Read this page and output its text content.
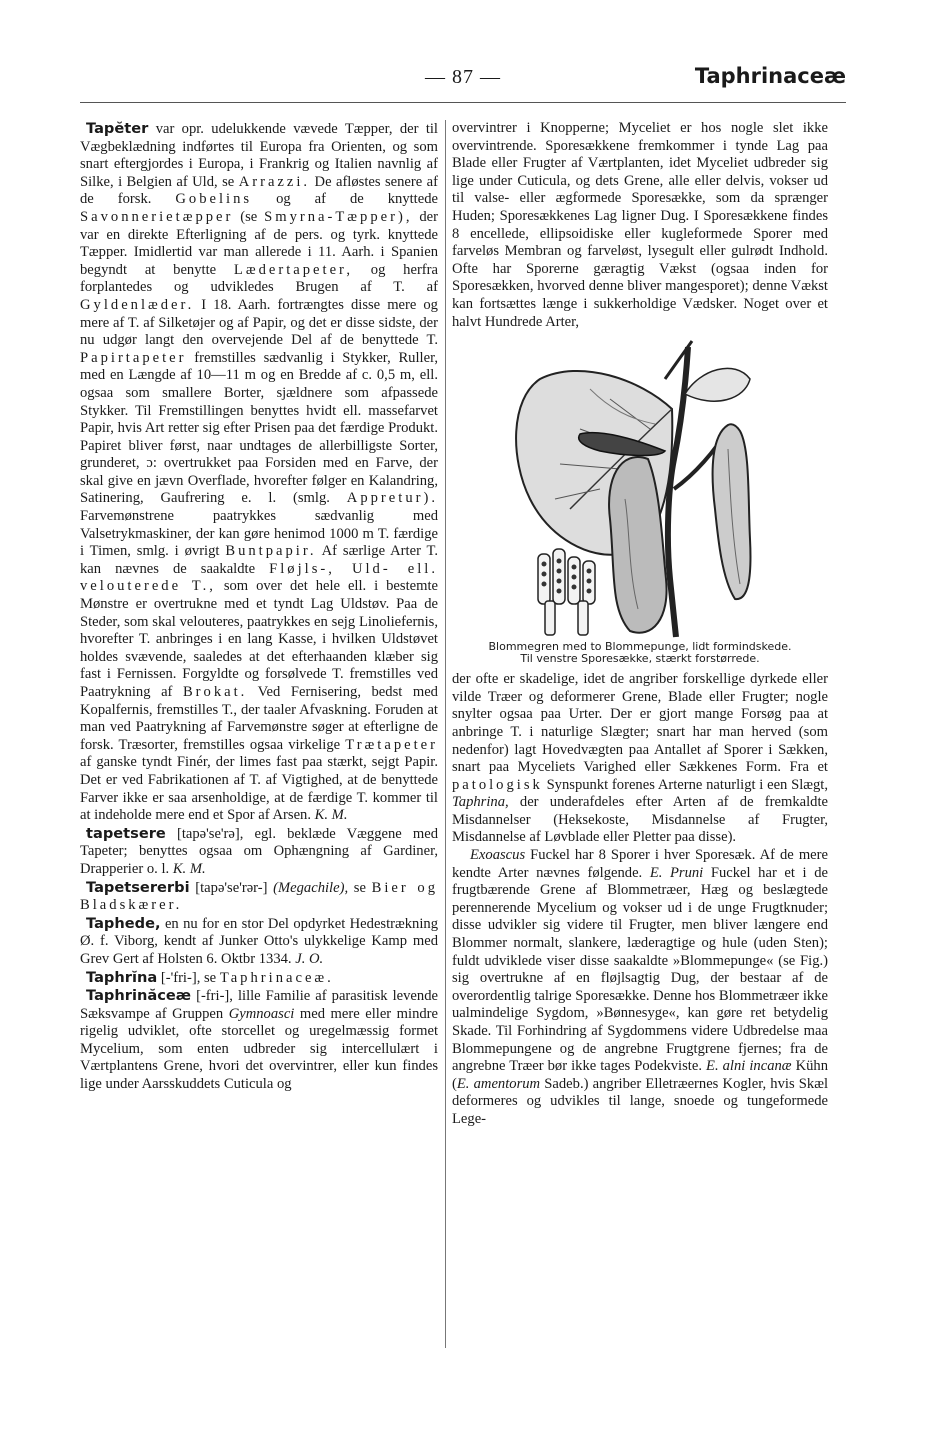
— 87 —	Taphrinaceæ

Tapĕter var opr. udelukkende vævede Tæpper, der til Vægbeklædning indførtes til Europa fra Orienten, og som snart eftergjordes i Europa, i Frankrig og Italien navnlig af Silke, i Belgien af Uld, se Arrazzi. De afløstes senere af de forsk. Gobelins og af de knyttede Savonnerietæpper (se Smyrna-Tæpper), der var en direkte Efterligning af de pers. og tyrk. knyttede Tæpper. Imidlertid var man allerede i 11. Aarh. i Spanien begyndt at benytte Lædertapeter, og herfra forplantedes og udvikledes Brugen af T. af Gyldenlæder. I 18. Aarh. fortrængtes disse mere og mere af T. af Silketøjer og af Papir, og det er disse sidste, der nu udgør langt den overvejende Del af de benyttede T. Papirtapeter fremstilles sædvanlig i Stykker, Ruller, med en Længde af 10—11 m og en Bredde af c. 0,5 m, ell. ogsaa som smallere Borter, sjældnere som afpassede Stykker. Til Fremstillingen benyttes hvidt ell. massefarvet Papir, hvis Art retter sig efter Prisen paa det færdige Produkt. Papiret bliver først, naar undtages de allerbilligste Sorter, grunderet, ɔ: overtrukket paa Forsiden med en Farve, der skal give en jævn Overflade, hvorefter følger en Kalandring, Satinering, Gaufrering e. l. (smlg. Appretur). Farvemønstrene paatrykkes sædvanlig med Valsetrykmaskiner, der kan gøre henimod 1000 m T. færdige i Timen, smlg. i øvrigt Buntpapir. Af særlige Arter T. kan nævnes de saakaldte Fløjls-, Uld- ell. velouterede T., som over det hele ell. i bestemte Mønstre er overtrukne med et tyndt Lag Uldstøv. Paa de Steder, som skal velouteres, paatrykkes en sejg Linoliefernis, hvorefter T. anbringes i en lang Kasse, i hvilken Uldstøvet holdes svævende, saaledes at det efterhaanden klæber sig fast i Fernissen. Forgyldte og forsølvede T. fremstilles ved Paatrykning af Brokat. Ved Fernisering, bedst med Kopalfernis, fremstilles T., der taaler Afvaskning. Foruden at man ved Paatrykning af Farvemønstre søger at efterligne de forsk. Træsorter, fremstilles ogsaa virkelige Trætapeter af ganske tyndt Finér, der limes fast paa stærkt, sejgt Papir. Det er ved Fabrikationen af T. af Vigtighed, at de benyttede Farver ikke er saa arsenholdige, at de færdige T. kommer til at indeholde mere end et Spor af Arsen. K. M.

tapetsere [tapə'se'rə], egl. beklæde Væggene med Tapeter; benyttes ogsaa om Ophængning af Gardiner, Drapperier o. l. K. M.

Tapetsererbi [tapə'se'rər-] (Megachile), se Bier og Bladskærer.

Taphede, en nu for en stor Del opdyrket Hedestrækning Ø. f. Viborg, kendt af Junker Otto's ulykkelige Kamp med Grev Gert af Holsten 6. Oktbr 1334. J. O.

Taphrĭna [-'fri-], se Taphrinaceæ.

Taphrinăceæ [-fri-], lille Familie af parasitisk levende Sæksvampe af Gruppen Gymnoasci med mere eller mindre rigelig udviklet, ofte storcellet og uregelmæssig formet Mycelium, som enten udbreder sig intercellulært i Værtplantens Grene, hvori det overvintrer, eller kun findes lige under Aarsskuddets Cuticula og

overvintrer i Knopperne; Myceliet er hos nogle slet ikke overvintrende. Sporesækkene fremkommer i tynde Lag paa Blade eller Frugter af Værtplanten, idet Myceliet udbreder sig lige under Cuticula, og dets Grene, alle eller delvis, vokser ud til valse- eller ægformede Sporesække, som da sprænger Huden; Sporesækkenes Lag ligner Dug. I Sporesækkene findes 8 encellede, ellipsoidiske eller kugleformede Sporer med farveløs Membran og farveløst, lysegult eller gulrødt Indhold. Ofte har Sporerne gæragtig Vækst (ogsaa inden for Sporesækken, hvorved denne bliver mangesporet); denne Vækst kan fortsættes længe i sukkerholdige Vædsker. Noget over et halvt Hundrede Arter,

Blommegren med to Blommepunge, lidt formindskede.
Til venstre Sporesække, stærkt forstørrede.

der ofte er skadelige, idet de angriber forskellige dyrkede eller vilde Træer og deformerer Grene, Blade eller Frugter; nogle snylter ogsaa paa Urter. Der er gjort mange Forsøg paa at anbringe T. i naturlige Slægter; snart har man herved (som nedenfor) lagt Hovedvægten paa Antallet af Sporer i Sækken, snart paa Myceliets Varighed eller Sækkenes Form. Fra et patologisk Synspunkt forenes Arterne naturligt i een Slægt, Taphrina, der underafdeles efter Arten af de fremkaldte Misdannelser (Heksekoste, Misdannelse af Frugter, Misdannelse af Løvblade eller Pletter paa disse).

Exoascus Fuckel har 8 Sporer i hver Sporesæk. Af de mere kendte Arter nævnes følgende. E. Pruni Fuckel har et i de frugtbærende Grene af Blommetræer, Hæg og beslægtede perennerende Mycelium og vokser ud i de unge Frugtknuder; disse udvikler sig videre til Frugter, men bliver længere end Blommer normalt, slankere, læderagtige og hule (uden Sten); fuldt udviklede viser disse saakaldte »Blommepunge« (se Fig.) sig overtrukne af en fløjlsagtig Dug, der bestaar af de overordentlig talrige Sporesække. Denne hos Blommetræer ikke ualmindelige Sygdom, »Bønnesyge«, kan gøre ret betydelig Skade. Til Forhindring af Sygdommens videre Udbredelse maa Blommepungene og de angrebne Frugtgrene fjernes; fra de angrebne Træer bør ikke tages Podekviste. E. alni incanæ Kühn (E. amentorum Sadeb.) angriber Elletræernes Kogler, hvis Skæl deformeres og udvikles til lange, snoede og tungeformede Lege-
